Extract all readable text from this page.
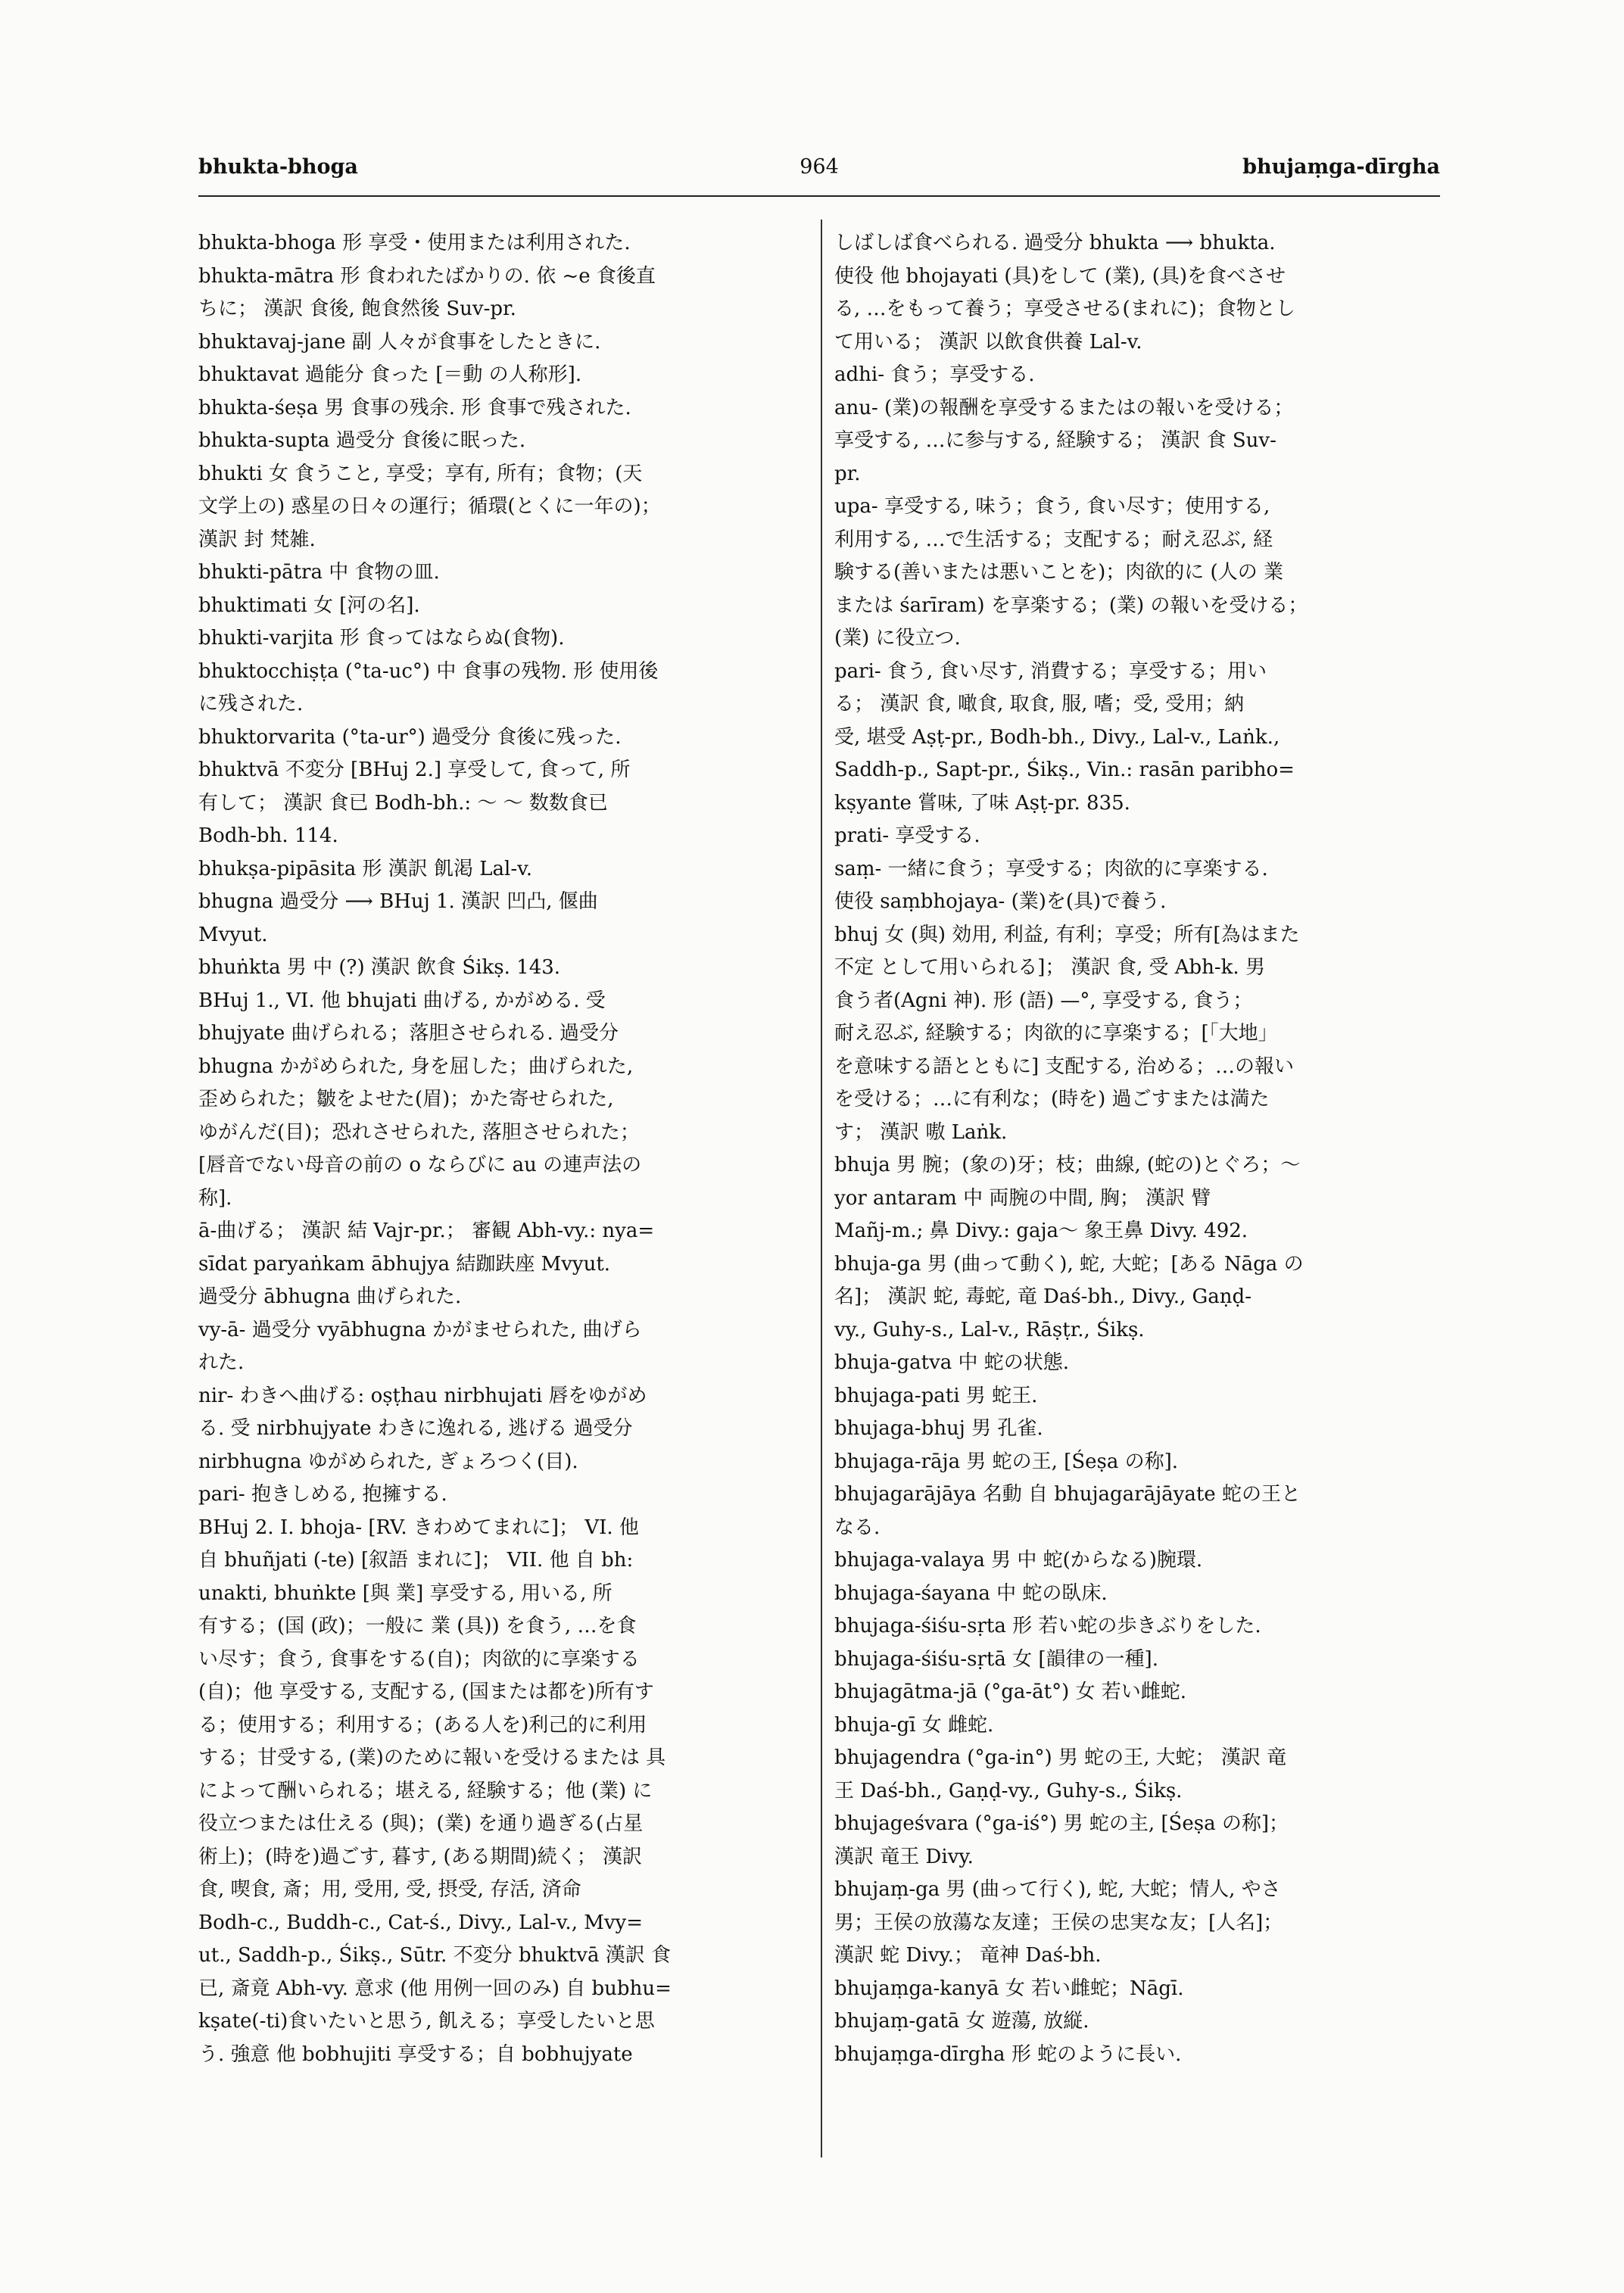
bhukta-bhoga	964	bhujaṃga-dīrgha
bhukta-bhoga 形 享受・使用または利用された.
bhukta-mātra 形 食われたばかりの. 依 ~e 食後直
ちに； 漢訳 食後, 飽食然後 Suv-pr.
bhuktavaj-jane 副 人々が食事をしたときに.
bhuktavat 過能分 食った [＝動 の人称形].
bhukta-śeṣa 男 食事の残余. 形 食事で残された.
bhukta-supta 過受分 食後に眠った.
bhukti 女 食うこと, 享受；享有, 所有；食物；(天
文学上の) 惑星の日々の運行；循環(とくに一年の)；
漢訳 封 梵雑.
bhukti-pātra 中 食物の皿.
bhuktimati 女 [河の名].
bhukti-varjita 形 食ってはならぬ(食物).
bhuktocchiṣṭa (°ta-uc°) 中 食事の残物. 形 使用後
に残された.
bhuktorvarita (°ta-ur°) 過受分 食後に残った.
bhuktvā 不変分 [BHuj 2.] 享受して, 食って, 所
有して； 漢訳 食已 Bodh-bh.: ～ ～ 数数食已
Bodh-bh. 114.
bhukṣa-pipāsita 形 漢訳 飢渇 Lal-v.
bhugna 過受分 ⟶ BHuj 1. 漢訳 凹凸, 偃曲
Mvyut.
bhuṅkta 男 中 (?) 漢訳 飲食 Śikṣ. 143.
BHuj 1., VI. 他 bhujati 曲げる, かがめる. 受
bhujyate 曲げられる；落胆させられる. 過受分
bhugna かがめられた, 身を屈した；曲げられた,
歪められた；皺をよせた(眉)；かた寄せられた,
ゆがんだ(目)；恐れさせられた, 落胆させられた；
[唇音でない母音の前の o ならびに au の連声法の
称].
ā-曲げる； 漢訳 結 Vajr-pr.； 審観 Abh-vy.: nya=
sīdat paryaṅkam ābhujya 結跏趺座 Mvyut.
過受分 ābhugna 曲げられた.
vy-ā- 過受分 vyābhugna かがませられた, 曲げら
れた.
nir- わきへ曲げる: oṣṭhau nirbhujati 唇をゆがめ
る. 受 nirbhujyate わきに逸れる, 逃げる 過受分
nirbhugna ゆがめられた, ぎょろつく(目).
pari- 抱きしめる, 抱擁する.
BHuj 2. I. bhoja- [RV. きわめてまれに]； VI. 他
自 bhuñjati (-te) [叙語 まれに]； VII. 他 自 bh:
unakti, bhuṅkte [與 業] 享受する, 用いる, 所
有する；(国 (政)；一般に 業 (具)) を食う, …を食
い尽す；食う, 食事をする(自)；肉欲的に享楽する
(自)；他 享受する, 支配する, (国または都を)所有す
る；使用する；利用する；(ある人を)利己的に利用
する；甘受する, (業)のために報いを受けるまたは 具
によって酬いられる；堪える, 経験する；他 (業) に
役立つまたは仕える (與)；(業) を通り過ぎる(占星
術上)；(時を)過ごす, 暮す, (ある期間)続く； 漢訳
食, 喫食, 斎；用, 受用, 受, 摂受, 存活, 済命
Bodh-c., Buddh-c., Cat-ś., Divy., Lal-v., Mvy=
ut., Saddh-p., Śikṣ., Sūtr. 不変分 bhuktvā 漢訳 食
已, 斎竟 Abh-vy. 意求 (他 用例一回のみ) 自 bubhu=
kṣate(-ti)食いたいと思う, 飢える；享受したいと思
う. 強意 他 bobhujiti 享受する；自 bobhujyate
しばしば食べられる. 過受分 bhukta ⟶ bhukta.
使役 他 bhojayati (具)をして (業), (具)を食べさせ
る, …をもって養う；享受させる(まれに)；食物とし
て用いる； 漢訳 以飲食供養 Lal-v.
adhi- 食う；享受する.
anu- (業)の報酬を享受するまたはの報いを受ける；
享受する, …に参与する, 経験する； 漢訳 食 Suv-
pr.
upa- 享受する, 味う；食う, 食い尽す；使用する,
利用する, …で生活する；支配する；耐え忍ぶ, 経
験する(善いまたは悪いことを)；肉欲的に (人の 業
または śarīram) を享楽する；(業) の報いを受ける；
(業) に役立つ.
pari- 食う, 食い尽す, 消費する；享受する；用い
る； 漢訳 食, 噉食, 取食, 服, 嗜；受, 受用；納
受, 堪受 Aṣṭ-pr., Bodh-bh., Divy., Lal-v., Laṅk.,
Saddh-p., Sapt-pr., Śikṣ., Vin.: rasān paribho=
kṣyante 嘗味, 了味 Aṣṭ-pr. 835.
prati- 享受する.
saṃ- 一緒に食う；享受する；肉欲的に享楽する.
使役 saṃbhojaya- (業)を(具)で養う.
bhuj 女 (與) 効用, 利益, 有利；享受；所有[為はまた
不定 として用いられる]； 漢訳 食, 受 Abh-k. 男
食う者(Agni 神). 形 (語) —°, 享受する, 食う；
耐え忍ぶ, 経験する；肉欲的に享楽する；[「大地」
を意味する語とともに] 支配する, 治める；…の報い
を受ける；…に有利な；(時を) 過ごすまたは満た
す； 漢訳 嗷 Laṅk.
bhuja 男 腕；(象の)牙；枝；曲線, (蛇の)とぐろ；～
yor antaram 中 両腕の中間, 胸； 漢訳 臂
Mañj-m.; 鼻 Divy.: gaja～ 象王鼻 Divy. 492.
bhuja-ga 男 (曲って動く), 蛇, 大蛇；[ある Nāga の
名]； 漢訳 蛇, 毒蛇, 竜 Daś-bh., Divy., Gaṇḍ-
vy., Guhy-s., Lal-v., Rāṣṭr., Śikṣ.
bhuja-gatva 中 蛇の状態.
bhujaga-pati 男 蛇王.
bhujaga-bhuj 男 孔雀.
bhujaga-rāja 男 蛇の王, [Śeṣa の称].
bhujagarājāya 名動 自 bhujagarājāyate 蛇の王と
なる.
bhujaga-valaya 男 中 蛇(からなる)腕環.
bhujaga-śayana 中 蛇の臥床.
bhujaga-śiśu-sṛta 形 若い蛇の歩きぶりをした.
bhujaga-śiśu-sṛtā 女 [韻律の一種].
bhujagātma-jā (°ga-āt°) 女 若い雌蛇.
bhuja-gī 女 雌蛇.
bhujagendra (°ga-in°) 男 蛇の王, 大蛇； 漢訳 竜
王 Daś-bh., Gaṇḍ-vy., Guhy-s., Śikṣ.
bhujageśvara (°ga-iś°) 男 蛇の主, [Śeṣa の称]；
漢訳 竜王 Divy.
bhujaṃ-ga 男 (曲って行く), 蛇, 大蛇；情人, やさ
男；王侯の放蕩な友達；王侯の忠実な友；[人名]；
漢訳 蛇 Divy.； 竜神 Daś-bh.
bhujaṃga-kanyā 女 若い雌蛇；Nāgī.
bhujaṃ-gatā 女 遊蕩, 放縦.
bhujaṃga-dīrgha 形 蛇のように長い.
